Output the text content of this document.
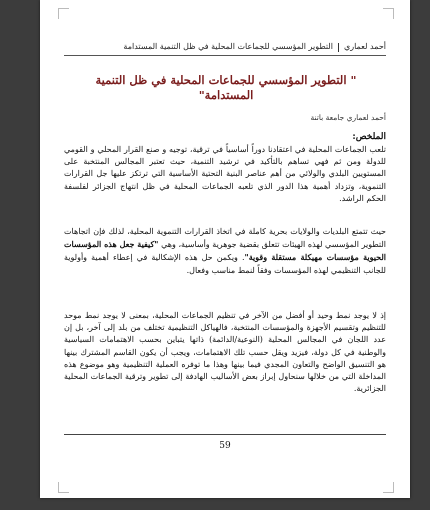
أحمد لعماريالتطوير المؤسسي للجماعات المحلية في ظل التنمية المستدامة
" التطوير المؤسسي للجماعات المحلية في ظل التنمية المستدامة"
أحمد لعماري جامعة باتنة
الملخص:
تلعب الجماعات المحلية في اعتقادنا دوراً أساسياً في ترقية، توجيه و صنع القرار المحلي و القومي للدولة ومن ثم فهي تساهم بالتأكيد في ترشيد التنمية، حيث تعتبر المجالس المنتخبة على المستويين البلدي والولائي من أهم عناصر البنية التحتية الأساسية التي ترتكز عليها جل القرارات التنموية، وتزداد أهمية هذا الدور الذي تلعبه الجماعات المحلية في ظل انتهاج الجزائر لفلسفة الحكم الراشد.
حيث تتمتع البلديات والولايات بحرية كاملة في اتخاذ القرارات التنموية المحلية، لذلك فإن اتجاهات التطوير المؤسسي لهذه الهيئات تتعلق بقضية جوهرية وأساسية، وهي "كيفية جعل هذه المؤسسات الحيوية مؤسسات مهيكلة مستقلة وقوية". ويكمن حل هذه الإشكالية في إعطاء أهمية وأولوية للجانب التنظيمي لهذه المؤسسات وفقاً لنمط مناسب وفعال.
إذ لا يوجد نمط وحيد أو أفضل من الآخر في تنظيم الجماعات المحلية، بمعنى لا يوجد نمط موحد للتنظيم وتقسيم الأجهزة والمؤسسات المنتخبة، فالهياكل التنظيمية تختلف من بلد إلى آخر، بل إن عدد اللجان في المجالس المحلية (النوعية/الدائمة) ذاتها يتباين بحسب الاهتمامات السياسية والوطنية في كل دولة، فيزيد ويقل حسب تلك الاهتمامات، ويجب أن يكون القاسم المشترك بينها هو التنسيق الواضح والتعاون المجدي فيما بينها وهذا ما توفره العملية التنظيمية وهو موضوع هذه المداخلة التي من خلالها سنحاول إبراز بعض الأساليب الهادفة إلى تطوير وترقية الجماعات المحلية الجزائرية.
59
